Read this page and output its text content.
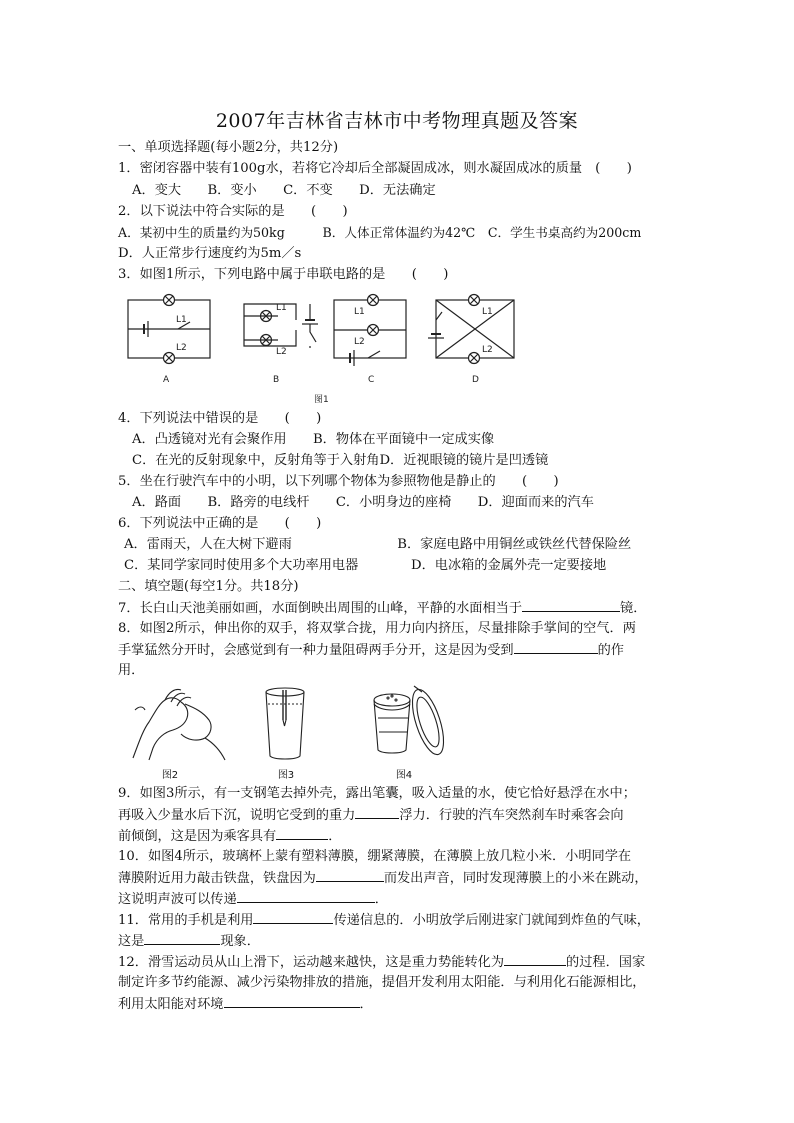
2007年吉林省吉林市中考物理真题及答案
一、单项选择题(每小题2分，共12分)
1．密闭容器中装有100g水，若将它冷却后全部凝固成冰，则水凝固成冰的质量　(　　)
A．变大　　B．变小　　C．不变　　D．无法确定
2．以下说法中符合实际的是　　(　　)
A．某初中生的质量约为50kg　　　B．人体正常体温约为42℃　C．学生书桌高约为200cm
D．人正常步行速度约为5m／s
3．如图1所示，下列电路中属于串联电路的是　　(　　)
L1
L2
L1
L2
L1
L2
L1
L2
A	B	C	D
图1
4．下列说法中错误的是　　(　　)
A．凸透镜对光有会聚作用　　B．物体在平面镜中一定成实像
C．在光的反射现象中，反射角等于入射角D．近视眼镜的镜片是凹透镜
5．坐在行驶汽车中的小明，以下列哪个物体为参照物他是静止的　　(　　)
A．路面　　B．路旁的电线杆　　C．小明身边的座椅　　D．迎面而来的汽车
6．下列说法中正确的是　　(　　)
A．雷雨天，人在大树下避雨　　　　　　　　B．家庭电路中用铜丝或铁丝代替保险丝
C．某同学家同时使用多个大功率用电器　　　　D．电冰箱的金属外壳一定要接地
二、填空题(每空1分。共18分)
7．长白山天池美丽如画，水面倒映出周围的山峰，平静的水面相当于	镜．
8．如图2所示，伸出你的双手，将双掌合拢，用力向内挤压，尽量排除手掌间的空气．两
手掌猛然分开时，会感觉到有一种力量阻碍两手分开，这是因为受到	的作
用．
图2	图3	图4
9．如图3所示，有一支钢笔去掉外壳，露出笔囊，吸入适量的水，使它恰好悬浮在水中；
再吸入少量水后下沉，说明它受到的重力	浮力．行驶的汽车突然刹车时乘客会向
前倾倒，这是因为乘客具有	．
10．如图4所示，玻璃杯上蒙有塑料薄膜，绷紧薄膜，在薄膜上放几粒小米．小明同学在
薄膜附近用力敲击铁盘，铁盘因为	而发出声音，同时发现薄膜上的小米在跳动，
这说明声波可以传递	．
11．常用的手机是利用	传递信息的．小明放学后刚进家门就闻到炸鱼的气味，
这是	现象．
12．滑雪运动员从山上滑下，运动越来越快，这是重力势能转化为	的过程．国家
制定许多节约能源、减少污染物排放的措施，提倡开发利用太阳能．与利用化石能源相比，
利用太阳能对环境	．
